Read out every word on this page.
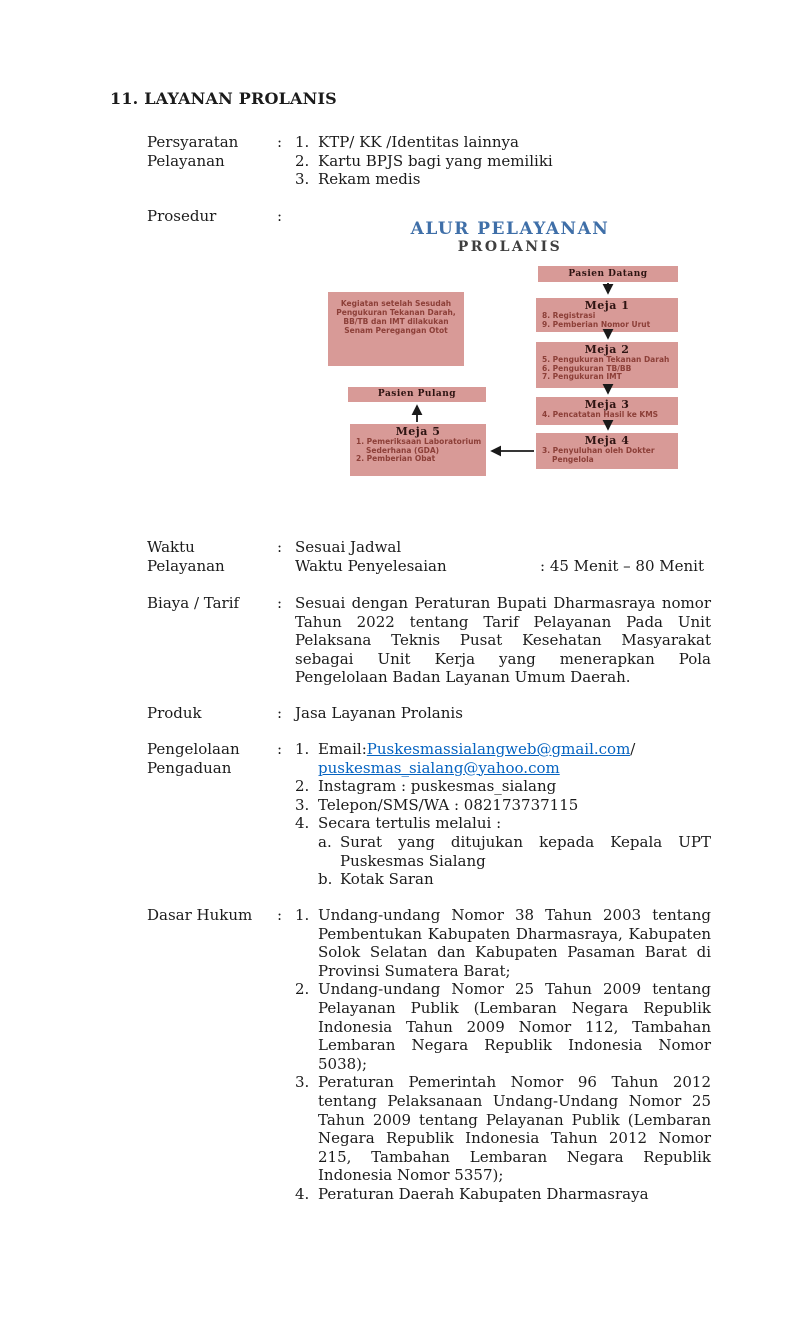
11. LAYANAN PROLANIS
Persyaratan
Pelayanan
: 1. KTP/ KK /Identitas lainnya
2. Kartu BPJS bagi yang memiliki
3. Rekam medis
Prosedur	:
ALUR PELAYANAN
PROLANIS
Kegiatan setelah Sesudah Pengukuran Tekanan Darah, BB/TB dan IMT dilakukan Senam Peregangan Otot
Pasien Datang
Meja 1
8. Registrasi
9. Pemberian Nomor Urut
Meja 2
5. Pengukuran Tekanan Darah
6. Pengukuran TB/BB
7. Pengukuran IMT
Meja 3
4. Pencatatan Hasil ke KMS
Meja 4
3. Penyuluhan oleh Dokter Pengelola
Meja 5
1. Pemeriksaan Laboratorium Sederhana (GDA)
2. Pemberian Obat
Pasien Pulang
Waktu
Pelayanan
: Sesuai Jadwal
Waktu Penyelesaian	: 45 Menit – 80 Menit
Biaya / Tarif	: Sesuai dengan Peraturan Bupati Dharmasraya nomor Tahun 2022 tentang Tarif Pelayanan Pada Unit Pelaksana Teknis Pusat Kesehatan Masyarakat sebagai Unit Kerja yang menerapkan Pola Pengelolaan Badan Layanan Umum Daerah.
Produk	: Jasa Layanan Prolanis
Pengelolaan
Pengaduan
: 1. Email:Puskesmassialangweb@gmail.com/
puskesmas_sialang@yahoo.com
2. Instagram : puskesmas_sialang
3. Telepon/SMS/WA : 082173737115
4. Secara tertulis melalui :
a. Surat yang ditujukan kepada Kepala UPT Puskesmas Sialang
b. Kotak Saran
Dasar Hukum	: 1. Undang-undang Nomor 38 Tahun 2003 tentang Pembentukan Kabupaten Dharmasraya, Kabupaten Solok Selatan dan Kabupaten Pasaman Barat di Provinsi Sumatera Barat;
2. Undang-undang Nomor 25 Tahun 2009 tentang Pelayanan Publik (Lembaran Negara Republik Indonesia Tahun 2009 Nomor 112, Tambahan Lembaran Negara Republik Indonesia Nomor 5038);
3. Peraturan Pemerintah Nomor 96 Tahun 2012 tentang Pelaksanaan Undang-Undang Nomor 25 Tahun 2009 tentang Pelayanan Publik (Lembaran Negara Republik Indonesia Tahun 2012 Nomor 215, Tambahan Lembaran Negara Republik Indonesia Nomor 5357);
4. Peraturan Daerah Kabupaten Dharmasraya
